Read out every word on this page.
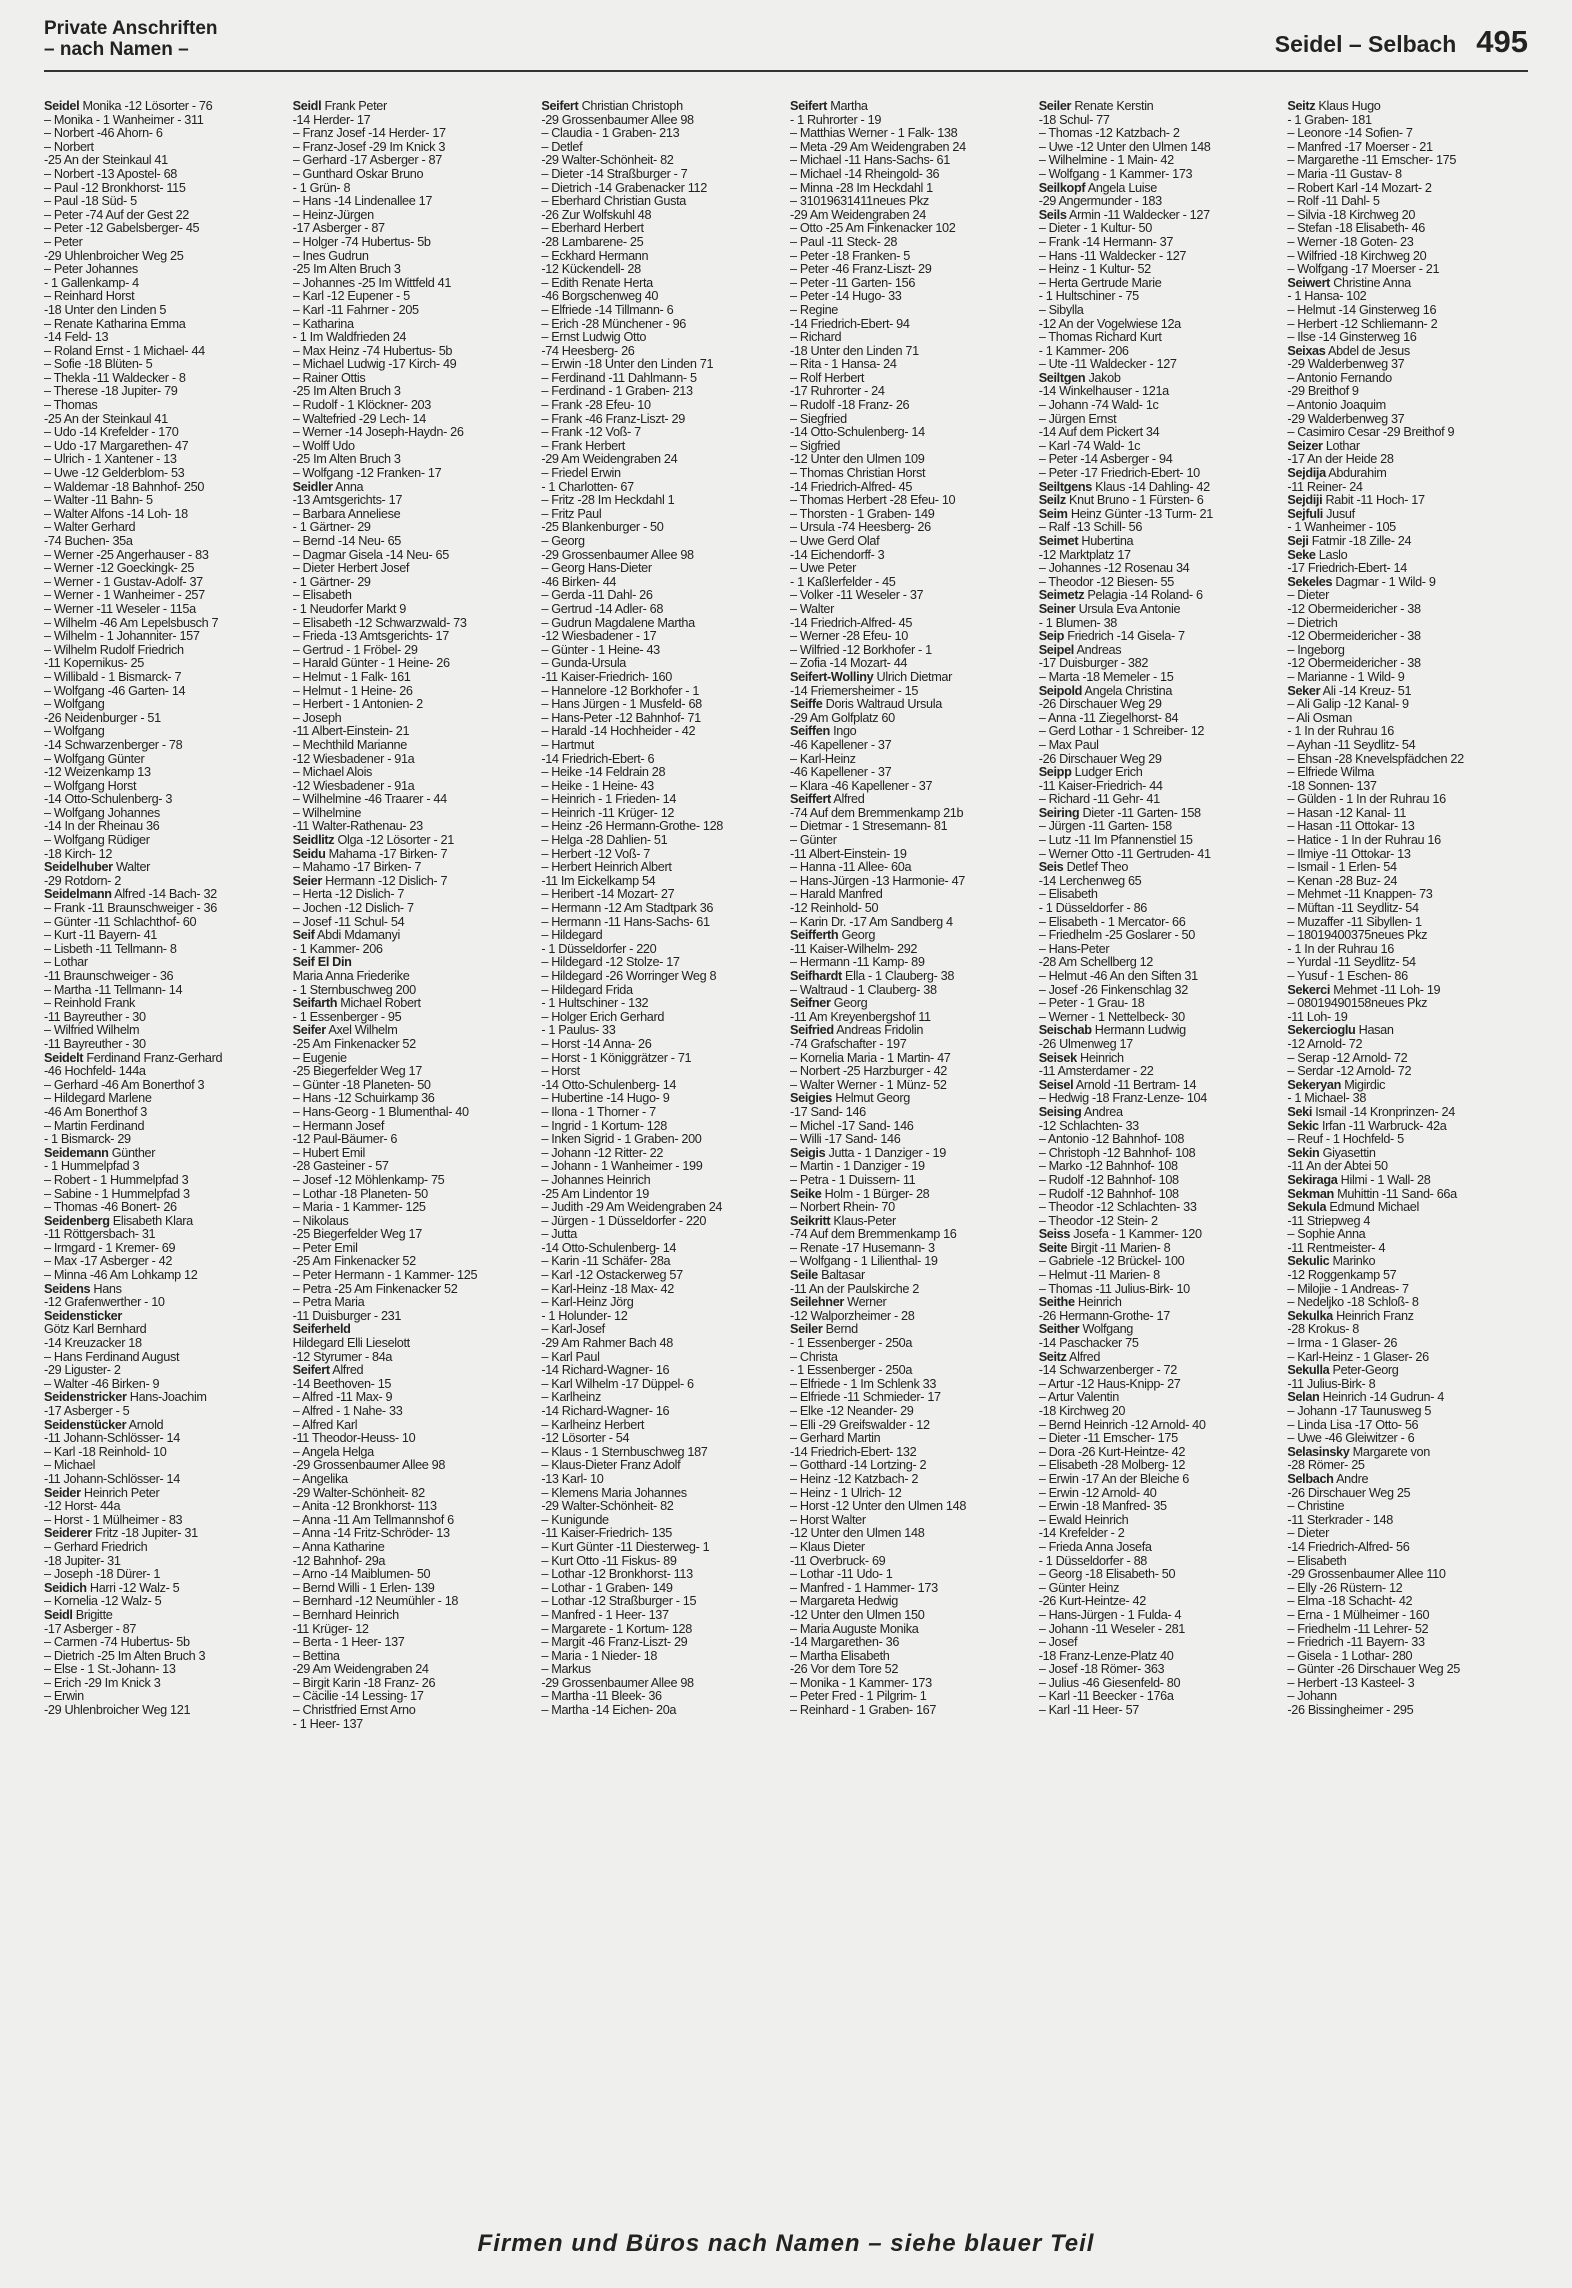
Private Anschriften
– nach Namen –	Seidel – Selbach 495
Seidel Monika -12 Lösorter - 76
– Monika - 1 Wanheimer - 311
– Norbert -46 Ahorn- 6
– Norbert
-25 An der Steinkaul 41
– Norbert -13 Apostel- 68
– Paul -12 Bronkhorst- 115
– Paul -18 Süd- 5
– Peter -74 Auf der Gest 22
– Peter -12 Gabelsberger- 45
– Peter
-29 Uhlenbroicher Weg 25
– Peter Johannes
- 1 Gallenkamp- 4
– Reinhard Horst
-18 Unter den Linden 5
– Renate Katharina Emma
-14 Feld- 13
– Roland Ernst - 1 Michael- 44
– Sofie -18 Blüten- 5
– Thekla -11 Waldecker - 8
– Therese -18 Jupiter- 79
– Thomas
-25 An der Steinkaul 41
– Udo -14 Krefelder - 170
– Udo -17 Margarethen- 47
– Ulrich - 1 Xantener - 13
– Uwe -12 Gelderblom- 53
– Waldemar -18 Bahnhof- 250
– Walter -11 Bahn- 5
– Walter Alfons -14 Loh- 18
– Walter Gerhard
-74 Buchen- 35a
– Werner -25 Angerhauser - 83
– Werner -12 Goeckingk- 25
– Werner - 1 Gustav-Adolf- 37
– Werner - 1 Wanheimer - 257
– Werner -11 Weseler - 115a
– Wilhelm -46 Am Lepelsbusch 7
– Wilhelm - 1 Johanniter- 157
– Wilhelm Rudolf Friedrich
-11 Kopernikus- 25
– Willibald - 1 Bismarck- 7
– Wolfgang -46 Garten- 14
– Wolfgang
-26 Neidenburger - 51
– Wolfgang
-14 Schwarzenberger - 78
– Wolfgang Günter
-12 Weizenkamp 13
– Wolfgang Horst
-14 Otto-Schulenberg- 3
– Wolfgang Johannes
-14 In der Rheinau 36
– Wolfgang Rüdiger
-18 Kirch- 12
Seidelhuber Walter
-29 Rotdorn- 2
Seidelmann Alfred -14 Bach- 32
– Frank -11 Braunschweiger - 36
– Günter -11 Schlachthof- 60
– Kurt -11 Bayern- 41
– Lisbeth -11 Tellmann- 8
– Lothar
-11 Braunschweiger - 36
– Martha -11 Tellmann- 14
– Reinhold Frank
-11 Bayreuther - 30
– Wilfried Wilhelm
-11 Bayreuther - 30
Seidelt Ferdinand Franz-Gerhard
-46 Hochfeld- 144a
– Gerhard -46 Am Bonerthof 3
– Hildegard Marlene
-46 Am Bonerthof 3
– Martin Ferdinand
- 1 Bismarck- 29
Seidemann Günther
- 1 Hummelpfad 3
– Robert - 1 Hummelpfad 3
– Sabine - 1 Hummelpfad 3
– Thomas -46 Bonert- 26
Seidenberg Elisabeth Klara
-11 Röttgersbach- 31
– Irmgard - 1 Kremer- 69
– Max -17 Asberger - 42
– Minna -46 Am Lohkamp 12
Seidens Hans
-12 Grafenwerther - 10
Seidensticker
Götz Karl Bernhard
-14 Kreuzacker 18
– Hans Ferdinand August
-29 Liguster- 2
– Walter -46 Birken- 9
Seidenstricker Hans-Joachim
-17 Asberger - 5
Seidenstücker Arnold
-11 Johann-Schlösser- 14
– Karl -18 Reinhold- 10
– Michael
-11 Johann-Schlösser- 14
Seider Heinrich Peter
-12 Horst- 44a
– Horst - 1 Mülheimer - 83
Seiderer Fritz -18 Jupiter- 31
– Gerhard Friedrich
-18 Jupiter- 31
– Joseph -18 Dürer- 1
Seidich Harri -12 Walz- 5
– Kornelia -12 Walz- 5
Seidl Brigitte
-17 Asberger - 87
– Carmen -74 Hubertus- 5b
– Dietrich -25 Im Alten Bruch 3
– Else - 1 St.-Johann- 13
– Erich -29 Im Knick 3
– Erwin
-29 Uhlenbroicher Weg 121
Seidl Frank Peter
-14 Herder- 17
– Franz Josef -14 Herder- 17
– Franz-Josef -29 Im Knick 3
– Gerhard -17 Asberger - 87
– Gunthard Oskar Bruno
- 1 Grün- 8
– Hans -14 Lindenallee 17
– Heinz-Jürgen
-17 Asberger - 87
– Holger -74 Hubertus- 5b
– Ines Gudrun
-25 Im Alten Bruch 3
– Johannes -25 Im Wittfeld 41
– Karl -12 Eupener - 5
– Karl -11 Fahrner - 205
– Katharina
- 1 Im Waldfrieden 24
– Max Heinz -74 Hubertus- 5b
– Michael Ludwig -17 Kirch- 49
– Rainer Ottis
-25 Im Alten Bruch 3
– Rudolf - 1 Klöckner- 203
– Waltefried -29 Lech- 14
– Werner -14 Joseph-Haydn- 26
– Wolff Udo
-25 Im Alten Bruch 3
– Wolfgang -12 Franken- 17
Seidler Anna
-13 Amtsgerichts- 17
– Barbara Anneliese
- 1 Gärtner- 29
– Bernd -14 Neu- 65
– Dagmar Gisela -14 Neu- 65
– Dieter Herbert Josef
- 1 Gärtner- 29
– Elisabeth
- 1 Neudorfer Markt 9
– Elisabeth -12 Schwarzwald- 73
– Frieda -13 Amtsgerichts- 17
– Gertrud - 1 Fröbel- 29
– Harald Günter - 1 Heine- 26
– Helmut - 1 Falk- 161
– Helmut - 1 Heine- 26
– Herbert - 1 Antonien- 2
– Joseph
-11 Albert-Einstein- 21
– Mechthild Marianne
-12 Wiesbadener - 91a
– Michael Alois
-12 Wiesbadener - 91a
– Wilhelmine -46 Traarer - 44
– Wilhelmine
-11 Walter-Rathenau- 23
Seidlitz Olga -12 Lösorter - 21
Seidu Mahama -17 Birken- 7
– Mahamo -17 Birken- 7
Seier Hermann -12 Dislich- 7
– Herta -12 Dislich- 7
– Jochen -12 Dislich- 7
– Josef -11 Schul- 54
Seif Abdi Mdamanyi
- 1 Kammer- 206
Seif El Din
Maria Anna Friederike
- 1 Sternbuschweg 200
Seifarth Michael Robert
- 1 Essenberger - 95
Seifer Axel Wilhelm
-25 Am Finkenacker 52
– Eugenie
-25 Biegerfelder Weg 17
– Günter -18 Planeten- 50
– Hans -12 Schuirkamp 36
– Hans-Georg - 1 Blumenthal- 40
– Hermann Josef
-12 Paul-Bäumer- 6
– Hubert Emil
-28 Gasteiner - 57
– Josef -12 Möhlenkamp- 75
– Lothar -18 Planeten- 50
– Maria - 1 Kammer- 125
– Nikolaus
-25 Biegerfelder Weg 17
– Peter Emil
-25 Am Finkenacker 52
– Peter Hermann - 1 Kammer- 125
– Petra -25 Am Finkenacker 52
– Petra Maria
-11 Duisburger - 231
Seiferheld
Hildegard Elli Lieselott
-12 Styrumer - 84a
Seifert Alfred
-14 Beethoven- 15
– Alfred -11 Max- 9
– Alfred - 1 Nahe- 33
– Alfred Karl
-11 Theodor-Heuss- 10
– Angela Helga
-29 Grossenbaumer Allee 98
– Angelika
-29 Walter-Schönheit- 82
– Anita -12 Bronkhorst- 113
– Anna -11 Am Tellmannshof 6
– Anna -14 Fritz-Schröder- 13
– Anna Katharine
-12 Bahnhof- 29a
– Arno -14 Maiblumen- 50
– Bernd Willi - 1 Erlen- 139
– Bernhard -12 Neumühler - 18
– Bernhard Heinrich
-11 Krüger- 12
– Berta - 1 Heer- 137
– Bettina
-29 Am Weidengraben 24
– Birgit Karin -18 Franz- 26
– Cäcilie -14 Lessing- 17
– Christfried Ernst Arno
- 1 Heer- 137
Seifert Christian Christoph
-29 Grossenbaumer Allee 98
– Claudia - 1 Graben- 213
– Detlef
-29 Walter-Schönheit- 82
– Dieter -14 Straßburger - 7
– Dietrich -14 Grabenacker 112
– Eberhard Christian Gusta
-26 Zur Wolfskuhl 48
– Eberhard Herbert
-28 Lambarene- 25
– Eckhard Hermann
-12 Kückendell- 28
– Edith Renate Herta
-46 Borgschenweg 40
– Elfriede -14 Tillmann- 6
– Erich -28 Münchener - 96
– Ernst Ludwig Otto
-74 Heesberg- 26
– Erwin -18 Unter den Linden 71
– Ferdinand -11 Dahlmann- 5
– Ferdinand - 1 Graben- 213
– Frank -28 Efeu- 10
– Frank -46 Franz-Liszt- 29
– Frank -12 Voß- 7
– Frank Herbert
-29 Am Weidengraben 24
– Friedel Erwin
- 1 Charlotten- 67
– Fritz -28 Im Heckdahl 1
– Fritz Paul
-25 Blankenburger - 50
– Georg
-29 Grossenbaumer Allee 98
– Georg Hans-Dieter
-46 Birken- 44
– Gerda -11 Dahl- 26
– Gertrud -14 Adler- 68
– Gudrun Magdalene Martha
-12 Wiesbadener - 17
– Günter - 1 Heine- 43
– Gunda-Ursula
-11 Kaiser-Friedrich- 160
– Hannelore -12 Borkhofer - 1
– Hans Jürgen - 1 Musfeld- 68
– Hans-Peter -12 Bahnhof- 71
– Harald -14 Hochheider - 42
– Hartmut
-14 Friedrich-Ebert- 6
– Heike -14 Feldrain 28
– Heike - 1 Heine- 43
– Heinrich - 1 Frieden- 14
– Heinrich -11 Krüger- 12
– Heinz -26 Hermann-Grothe- 128
– Helga -28 Dahlien- 51
– Herbert -12 Voß- 7
– Herbert Heinrich Albert
-11 Im Eickelkamp 54
– Heribert -14 Mozart- 27
– Hermann -12 Am Stadtpark 36
– Hermann -11 Hans-Sachs- 61
– Hildegard
- 1 Düsseldorfer - 220
– Hildegard -12 Stolze- 17
– Hildegard -26 Worringer Weg 8
– Hildegard Frida
- 1 Hultschiner - 132
– Holger Erich Gerhard
- 1 Paulus- 33
– Horst -14 Anna- 26
– Horst - 1 Königgrätzer - 71
– Horst
-14 Otto-Schulenberg- 14
– Hubertine -14 Hugo- 9
– Ilona - 1 Thorner - 7
– Ingrid - 1 Kortum- 128
– Inken Sigrid - 1 Graben- 200
– Johann -12 Ritter- 22
– Johann - 1 Wanheimer - 199
– Johannes Heinrich
-25 Am Lindentor 19
– Judith -29 Am Weidengraben 24
– Jürgen - 1 Düsseldorfer - 220
– Jutta
-14 Otto-Schulenberg- 14
– Karin -11 Schäfer- 28a
– Karl -12 Ostackerweg 57
– Karl-Heinz -18 Max- 42
– Karl-Heinz Jörg
- 1 Holunder- 12
– Karl-Josef
-29 Am Rahmer Bach 48
– Karl Paul
-14 Richard-Wagner- 16
– Karl Wilhelm -17 Düppel- 6
– Karlheinz
-14 Richard-Wagner- 16
– Karlheinz Herbert
-12 Lösorter - 54
– Klaus - 1 Sternbuschweg 187
– Klaus-Dieter Franz Adolf
-13 Karl- 10
– Klemens Maria Johannes
-29 Walter-Schönheit- 82
– Kunigunde
-11 Kaiser-Friedrich- 135
– Kurt Günter -11 Diesterweg- 1
– Kurt Otto -11 Fiskus- 89
– Lothar -12 Bronkhorst- 113
– Lothar - 1 Graben- 149
– Lothar -12 Straßburger - 15
– Manfred - 1 Heer- 137
– Margarete - 1 Kortum- 128
– Margit -46 Franz-Liszt- 29
– Maria - 1 Nieder- 18
– Markus
-29 Grossenbaumer Allee 98
– Martha -11 Bleek- 36
– Martha -14 Eichen- 20a
Seifert Martha
- 1 Ruhrorter - 19
– Matthias Werner - 1 Falk- 138
– Meta -29 Am Weidengraben 24
– Michael -11 Hans-Sachs- 61
– Michael -14 Rheingold- 36
– Minna -28 Im Heckdahl 1
– 31019631411neues Pkz
-29 Am Weidengraben 24
– Otto -25 Am Finkenacker 102
– Paul -11 Steck- 28
– Peter -18 Franken- 5
– Peter -46 Franz-Liszt- 29
– Peter -11 Garten- 156
– Peter -14 Hugo- 33
– Regine
-14 Friedrich-Ebert- 94
– Richard
-18 Unter den Linden 71
– Rita - 1 Hansa- 24
– Rolf Herbert
-17 Ruhrorter - 24
– Rudolf -18 Franz- 26
– Siegfried
-14 Otto-Schulenberg- 14
– Sigfried
-12 Unter den Ulmen 109
– Thomas Christian Horst
-14 Friedrich-Alfred- 45
– Thomas Herbert -28 Efeu- 10
– Thorsten - 1 Graben- 149
– Ursula -74 Heesberg- 26
– Uwe Gerd Olaf
-14 Eichendorff- 3
– Uwe Peter
- 1 Kaßlerfelder - 45
– Volker -11 Weseler - 37
– Walter
-14 Friedrich-Alfred- 45
– Werner -28 Efeu- 10
– Wilfried -12 Borkhofer - 1
– Zofia -14 Mozart- 44
Seifert-Wolliny Ulrich Dietmar
-14 Friemersheimer - 15
Seiffe Doris Waltraud Ursula
-29 Am Golfplatz 60
Seiffen Ingo
-46 Kapellener - 37
– Karl-Heinz
-46 Kapellener - 37
– Klara -46 Kapellener - 37
Seiffert Alfred
-74 Auf dem Bremmenkamp 21b
– Dietmar - 1 Stresemann- 81
– Günter
-11 Albert-Einstein- 19
– Hanna -11 Allee- 60a
– Hans-Jürgen -13 Harmonie- 47
– Harald Manfred
-12 Reinhold- 50
– Karin Dr. -17 Am Sandberg 4
Seifferth Georg
-11 Kaiser-Wilhelm- 292
– Hermann -11 Kamp- 89
Seifhardt Ella - 1 Clauberg- 38
– Waltraud - 1 Clauberg- 38
Seifner Georg
-11 Am Kreyenbergshof 11
Seifried Andreas Fridolin
-74 Grafschafter - 197
– Kornelia Maria - 1 Martin- 47
– Norbert -25 Harzburger - 42
– Walter Werner - 1 Münz- 52
Seigies Helmut Georg
-17 Sand- 146
– Michel -17 Sand- 146
– Willi -17 Sand- 146
Seigis Jutta - 1 Danziger - 19
– Martin - 1 Danziger - 19
– Petra - 1 Duissern- 11
Seike Holm - 1 Bürger- 28
– Norbert Rhein- 70
Seikritt Klaus-Peter
-74 Auf dem Bremmenkamp 16
– Renate -17 Husemann- 3
– Wolfgang - 1 Lilienthal- 19
Seile Baltasar
-11 An der Paulskirche 2
Seilehner Werner
-12 Walporzheimer - 28
Seiler Bernd
- 1 Essenberger - 250a
– Christa
- 1 Essenberger - 250a
– Elfriede - 1 Im Schlenk 33
– Elfriede -11 Schmieder- 17
– Elke -12 Neander- 29
– Elli -29 Greifswalder - 12
– Gerhard Martin
-14 Friedrich-Ebert- 132
– Gotthard -14 Lortzing- 2
– Heinz -12 Katzbach- 2
– Heinz - 1 Ulrich- 12
– Horst -12 Unter den Ulmen 148
– Horst Walter
-12 Unter den Ulmen 148
– Klaus Dieter
-11 Overbruck- 69
– Lothar -11 Udo- 1
– Manfred - 1 Hammer- 173
– Margareta Hedwig
-12 Unter den Ulmen 150
– Maria Auguste Monika
-14 Margarethen- 36
– Martha Elisabeth
-26 Vor dem Tore 52
– Monika - 1 Kammer- 173
– Peter Fred - 1 Pilgrim- 1
– Reinhard - 1 Graben- 167
Seiler Renate Kerstin
-18 Schul- 77
– Thomas -12 Katzbach- 2
– Uwe -12 Unter den Ulmen 148
– Wilhelmine - 1 Main- 42
– Wolfgang - 1 Kammer- 173
Seilkopf Angela Luise
-29 Angermunder - 183
Seils Armin -11 Waldecker - 127
– Dieter - 1 Kultur- 50
– Frank -14 Hermann- 37
– Hans -11 Waldecker - 127
– Heinz - 1 Kultur- 52
– Herta Gertrude Marie
- 1 Hultschiner - 75
– Sibylla
-12 An der Vogelwiese 12a
– Thomas Richard Kurt
- 1 Kammer- 206
– Ute -11 Waldecker - 127
Seiltgen Jakob
-14 Winkelhauser - 121a
– Johann -74 Wald- 1c
– Jürgen Ernst
-14 Auf dem Pickert 34
– Karl -74 Wald- 1c
– Peter -14 Asberger - 94
– Peter -17 Friedrich-Ebert- 10
Seiltgens Klaus -14 Dahling- 42
Seilz Knut Bruno - 1 Fürsten- 6
Seim Heinz Günter -13 Turm- 21
– Ralf -13 Schill- 56
Seimet Hubertina
-12 Marktplatz 17
– Johannes -12 Rosenau 34
– Theodor -12 Biesen- 55
Seimetz Pelagia -14 Roland- 6
Seiner Ursula Eva Antonie
- 1 Blumen- 38
Seip Friedrich -14 Gisela- 7
Seipel Andreas
-17 Duisburger - 382
– Marta -18 Memeler - 15
Seipold Angela Christina
-26 Dirschauer Weg 29
– Anna -11 Ziegelhorst- 84
– Gerd Lothar - 1 Schreiber- 12
– Max Paul
-26 Dirschauer Weg 29
Seipp Ludger Erich
-11 Kaiser-Friedrich- 44
– Richard -11 Gehr- 41
Seiring Dieter -11 Garten- 158
– Jürgen -11 Garten- 158
– Lutz -11 Im Pfannenstiel 15
– Werner Otto -11 Gertruden- 41
Seis Detlef Theo
-14 Lerchenweg 65
– Elisabeth
- 1 Düsseldorfer - 86
– Elisabeth - 1 Mercator- 66
– Friedhelm -25 Goslarer - 50
– Hans-Peter
-28 Am Schellberg 12
– Helmut -46 An den Siften 31
– Josef -26 Finkenschlag 32
– Peter - 1 Grau- 18
– Werner - 1 Nettelbeck- 30
Seischab Hermann Ludwig
-26 Ulmenweg 17
Seisek Heinrich
-11 Amsterdamer - 22
Seisel Arnold -11 Bertram- 14
– Hedwig -18 Franz-Lenze- 104
Seising Andrea
-12 Schlachten- 33
– Antonio -12 Bahnhof- 108
– Christoph -12 Bahnhof- 108
– Marko -12 Bahnhof- 108
– Rudolf -12 Bahnhof- 108
– Rudolf -12 Bahnhof- 108
– Theodor -12 Schlachten- 33
– Theodor -12 Stein- 2
Seiss Josefa - 1 Kammer- 120
Seite Birgit -11 Marien- 8
– Gabriele -12 Brückel- 100
– Helmut -11 Marien- 8
– Thomas -11 Julius-Birk- 10
Seithe Heinrich
-26 Hermann-Grothe- 17
Seither Wolfgang
-14 Paschacker 75
Seitz Alfred
-14 Schwarzenberger - 72
– Artur -12 Haus-Knipp- 27
– Artur Valentin
-18 Kirchweg 20
– Bernd Heinrich -12 Arnold- 40
– Dieter -11 Emscher- 175
– Dora -26 Kurt-Heintze- 42
– Elisabeth -28 Molberg- 12
– Erwin -17 An der Bleiche 6
– Erwin -12 Arnold- 40
– Erwin -18 Manfred- 35
– Ewald Heinrich
-14 Krefelder - 2
– Frieda Anna Josefa
- 1 Düsseldorfer - 88
– Georg -18 Elisabeth- 50
– Günter Heinz
-26 Kurt-Heintze- 42
– Hans-Jürgen - 1 Fulda- 4
– Johann -11 Weseler - 281
– Josef
-18 Franz-Lenze-Platz 40
– Josef -18 Römer- 363
– Julius -46 Giesenfeld- 80
– Karl -11 Beecker - 176a
– Karl -11 Heer- 57
Seitz Klaus Hugo
- 1 Graben- 181
– Leonore -14 Sofien- 7
– Manfred -17 Moerser - 21
– Margarethe -11 Emscher- 175
– Maria -11 Gustav- 8
– Robert Karl -14 Mozart- 2
– Rolf -11 Dahl- 5
– Silvia -18 Kirchweg 20
– Stefan -18 Elisabeth- 46
– Werner -18 Goten- 23
– Wilfried -18 Kirchweg 20
– Wolfgang -17 Moerser - 21
Seiwert Christine Anna
- 1 Hansa- 102
– Helmut -14 Ginsterweg 16
– Herbert -12 Schliemann- 2
– Ilse -14 Ginsterweg 16
Seixas Abdel de Jesus
-29 Walderbenweg 37
– Antonio Fernando
-29 Breithof 9
– Antonio Joaquim
-29 Walderbenweg 37
– Casimiro Cesar -29 Breithof 9
Seizer Lothar
-17 An der Heide 28
Sejdija Abdurahim
-11 Reiner- 24
Sejdiji Rabit -11 Hoch- 17
Sejfuli Jusuf
- 1 Wanheimer - 105
Seji Fatmir -18 Zille- 24
Seke Laslo
-17 Friedrich-Ebert- 14
Sekeles Dagmar - 1 Wild- 9
– Dieter
-12 Obermeidericher - 38
– Dietrich
-12 Obermeidericher - 38
– Ingeborg
-12 Obermeidericher - 38
– Marianne - 1 Wild- 9
Seker Ali -14 Kreuz- 51
– Ali Galip -12 Kanal- 9
– Ali Osman
- 1 In der Ruhrau 16
– Ayhan -11 Seydlitz- 54
– Ehsan -28 Knevelspfädchen 22
– Elfriede Wilma
-18 Sonnen- 137
– Gülden - 1 In der Ruhrau 16
– Hasan -12 Kanal- 11
– Hasan -11 Ottokar- 13
– Hatice - 1 In der Ruhrau 16
– Ilmiye -11 Ottokar- 13
– Ismail - 1 Erlen- 54
– Kenan -28 Buz- 24
– Mehmet -11 Knappen- 73
– Müftan -11 Seydlitz- 54
– Muzaffer -11 Sibyllen- 1
– 18019400375neues Pkz
- 1 In der Ruhrau 16
– Yurdal -11 Seydlitz- 54
– Yusuf - 1 Eschen- 86
Sekerci Mehmet -11 Loh- 19
– 08019490158neues Pkz
-11 Loh- 19
Sekercioglu Hasan
-12 Arnold- 72
– Serap -12 Arnold- 72
– Serdar -12 Arnold- 72
Sekeryan Migirdic
- 1 Michael- 38
Seki Ismail -14 Kronprinzen- 24
Sekic Irfan -11 Warbruck- 42a
– Reuf - 1 Hochfeld- 5
Sekin Giyasettin
-11 An der Abtei 50
Sekiragа Hilmi - 1 Wall- 28
Sekman Muhittin -11 Sand- 66a
Sekula Edmund Michael
-11 Striepweg 4
– Sophie Anna
-11 Rentmeister- 4
Sekulic Marinko
-12 Roggenkamp 57
– Milojie - 1 Andreas- 7
– Nedeljko -18 Schloß- 8
Sekulka Heinrich Franz
-28 Krokus- 8
– Irma - 1 Glaser- 26
– Karl-Heinz - 1 Glaser- 26
Sekulla Peter-Georg
-11 Julius-Birk- 8
Selan Heinrich -14 Gudrun- 4
– Johann -17 Taunusweg 5
– Linda Lisa -17 Otto- 56
– Uwe -46 Gleiwitzer - 6
Selasinsky Margarete von
-28 Römer- 25
Selbach Andre
-26 Dirschauer Weg 25
– Christine
-11 Sterkrader - 148
– Dieter
-14 Friedrich-Alfred- 56
– Elisabeth
-29 Grossenbaumer Allee 110
– Elly -26 Rüstern- 12
– Elma -18 Schacht- 42
– Erna - 1 Mülheimer - 160
– Friedhelm -11 Lehrer- 52
– Friedrich -11 Bayern- 33
– Gisela - 1 Lothar- 280
– Günter -26 Dirschauer Weg 25
– Herbert -13 Kasteel- 3
– Johann
-26 Bissingheimer - 295
Firmen und Büros nach Namen – siehe blauer Teil
